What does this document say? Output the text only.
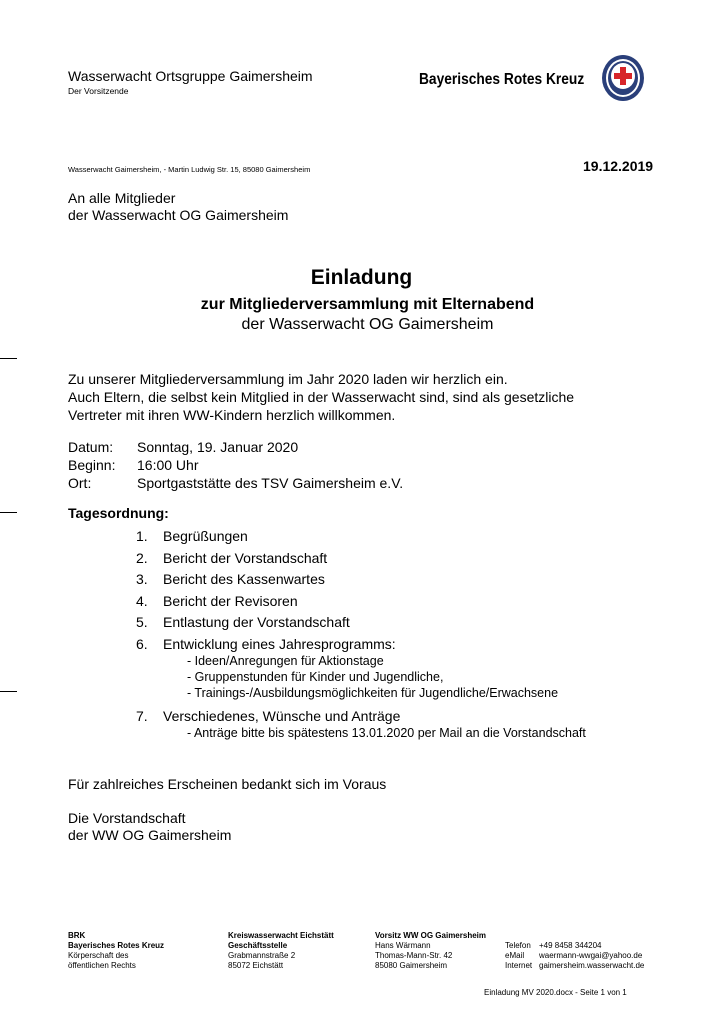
Wasserwacht Ortsgruppe Gaimersheim
Der Vorsitzende
Bayerisches Rotes Kreuz
Wasserwacht Gaimersheim, - Martin Ludwig Str. 15, 85080 Gaimersheim	19.12.2019
An alle Mitglieder
der Wasserwacht OG Gaimersheim
Einladung
zur Mitgliederversammlung mit Elternabend
der Wasserwacht OG Gaimersheim
Zu unserer Mitgliederversammlung im Jahr 2020 laden wir herzlich ein.
Auch Eltern, die selbst kein Mitglied in der Wasserwacht sind, sind als gesetzliche
Vertreter mit ihren WW-Kindern herzlich willkommen.
Datum:	Sonntag, 19. Januar 2020
Beginn:	16:00 Uhr
Ort:	Sportgaststätte des TSV Gaimersheim e.V.
Tagesordnung:
1.	Begrüßungen
2.	Bericht der Vorstandschaft
3.	Bericht des Kassenwartes
4.	Bericht der Revisoren
5.	Entlastung der Vorstandschaft
6.	Entwicklung eines Jahresprogramms:
- Ideen/Anregungen für Aktionstage
- Gruppenstunden für Kinder und Jugendliche,
- Trainings-/Ausbildungsmöglichkeiten für Jugendliche/Erwachsene
7.	Verschiedenes, Wünsche und Anträge
- Anträge bitte bis spätestens 13.01.2020 per Mail an die Vorstandschaft
Für zahlreiches Erscheinen bedankt sich im Voraus
Die Vorstandschaft
der WW OG Gaimersheim
BRK
Bayerisches Rotes Kreuz
Körperschaft des
öffentlichen Rechts
Kreiswasserwacht Eichstätt
Geschäftsstelle
Grabmannstraße 2
85072 Eichstätt
Vorsitz WW OG Gaimersheim
Hans Wärmann
Thomas-Mann-Str. 42
85080 Gaimersheim
Telefon	+49 8458 344204
eMail	waermann-wwgai@yahoo.de
Internet gaimersheim.wasserwacht.de
Einladung MV 2020.docx - Seite 1 von 1
